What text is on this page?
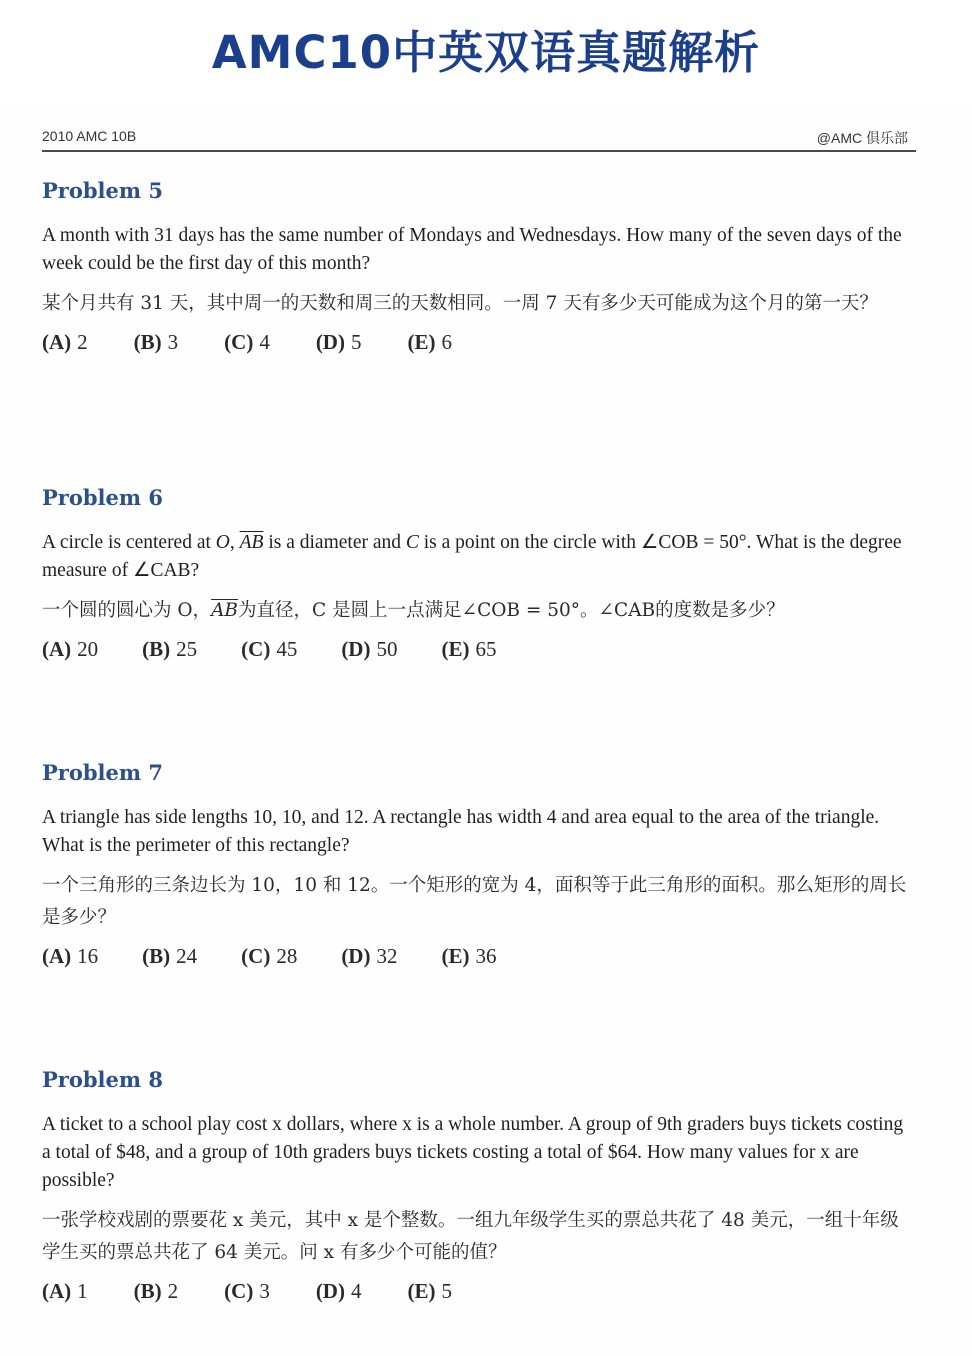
AMC10中英双语真题解析
2010 AMC 10B	@AMC 俱乐部
Problem 5

A month with 31 days has the same number of Mondays and Wednesdays. How many of the seven days of the week could be the first day of this month?

某个月共有 31 天，其中周一的天数和周三的天数相同。一周 7 天有多少天可能成为这个月的第一天？

(A) 2 (B) 3 (C) 4 (D) 5 (E) 6
Problem 6

A circle is centered at O, $\overline{AB}$ is a diameter and C is a point on the circle with ∠COB = 50°. What is the degree measure of ∠CAB?

一个圆的圆心为 O，$\overline{AB}$为直径，C 是圆上一点满足∠COB = 50°。∠CAB的度数是多少？

(A) 20 (B) 25 (C) 45 (D) 50 (E) 65
Problem 7

A triangle has side lengths 10, 10, and 12. A rectangle has width 4 and area equal to the area of the triangle. What is the perimeter of this rectangle?

一个三角形的三条边长为 10，10 和 12。一个矩形的宽为 4，面积等于此三角形的面积。那么矩形的周长是多少？

(A) 16 (B) 24 (C) 28 (D) 32 (E) 36
Problem 8

A ticket to a school play cost x dollars, where x is a whole number. A group of 9th graders buys tickets costing a total of $48, and a group of 10th graders buys tickets costing a total of $64. How many values for x are possible?

一张学校戏剧的票要花 x 美元，其中 x 是个整数。一组九年级学生买的票总共花了 48 美元，一组十年级学生买的票总共花了 64 美元。问 x 有多少个可能的值？

(A) 1 (B) 2 (C) 3 (D) 4 (E) 5
